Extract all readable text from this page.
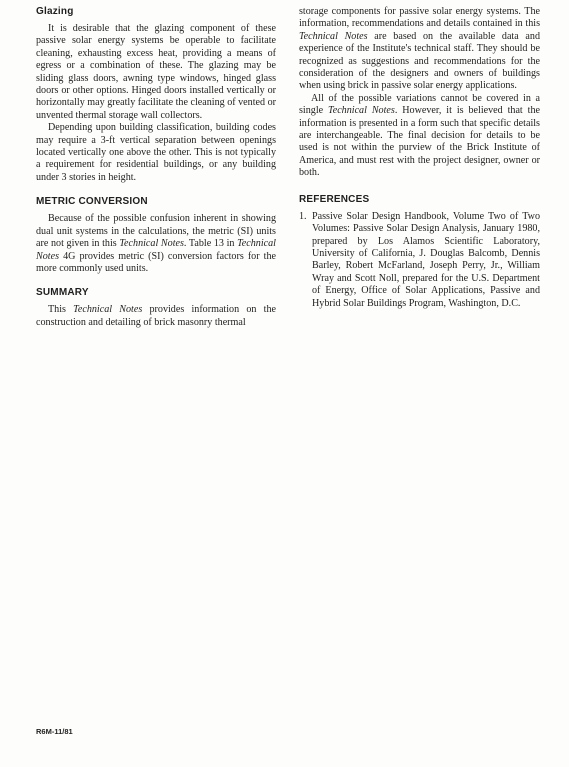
Glazing

It is desirable that the glazing component of these passive solar energy systems be operable to facilitate cleaning, exhausting excess heat, providing a means of egress or a combination of these. The glazing may be sliding glass doors, awning type windows, hinged glass doors or other options. Hinged doors installed vertically or horizontally may greatly facilitate the cleaning of vented or unvented thermal storage wall collectors.

Depending upon building classification, building codes may require a 3-ft vertical separation between openings located vertically one above the other. This is not typically a requirement for residential buildings, or any building under 3 stories in height.

METRIC CONVERSION

Because of the possible confusion inherent in showing dual unit systems in the calculations, the metric (SI) units are not given in this Technical Notes. Table 13 in Technical Notes 4G provides metric (SI) conversion factors for the more commonly used units.

SUMMARY

This Technical Notes provides information on the construction and detailing of brick masonry thermal

storage components for passive solar energy systems. The information, recommendations and details contained in this Technical Notes are based on the available data and experience of the Institute's technical staff. They should be recognized as suggestions and recommendations for the consideration of the designers and owners of buildings when using brick in passive solar energy applications.

All of the possible variations cannot be covered in a single Technical Notes. However, it is believed that the information is presented in a form such that specific details are interchangeable. The final decision for details to be used is not within the purview of the Brick Institute of America, and must rest with the project designer, owner or both.

REFERENCES
1. Passive Solar Design Handbook, Volume Two of Two Volumes: Passive Solar Design Analysis, January 1980, prepared by Los Alamos Scientific Laboratory, University of California, J. Douglas Balcomb, Dennis Barley, Robert McFarland, Joseph Perry, Jr., William Wray and Scott Noll, prepared for the U.S. Department of Energy, Office of Solar Applications, Passive and Hybrid Solar Buildings Program, Washington, D.C.
R6M-11/81
